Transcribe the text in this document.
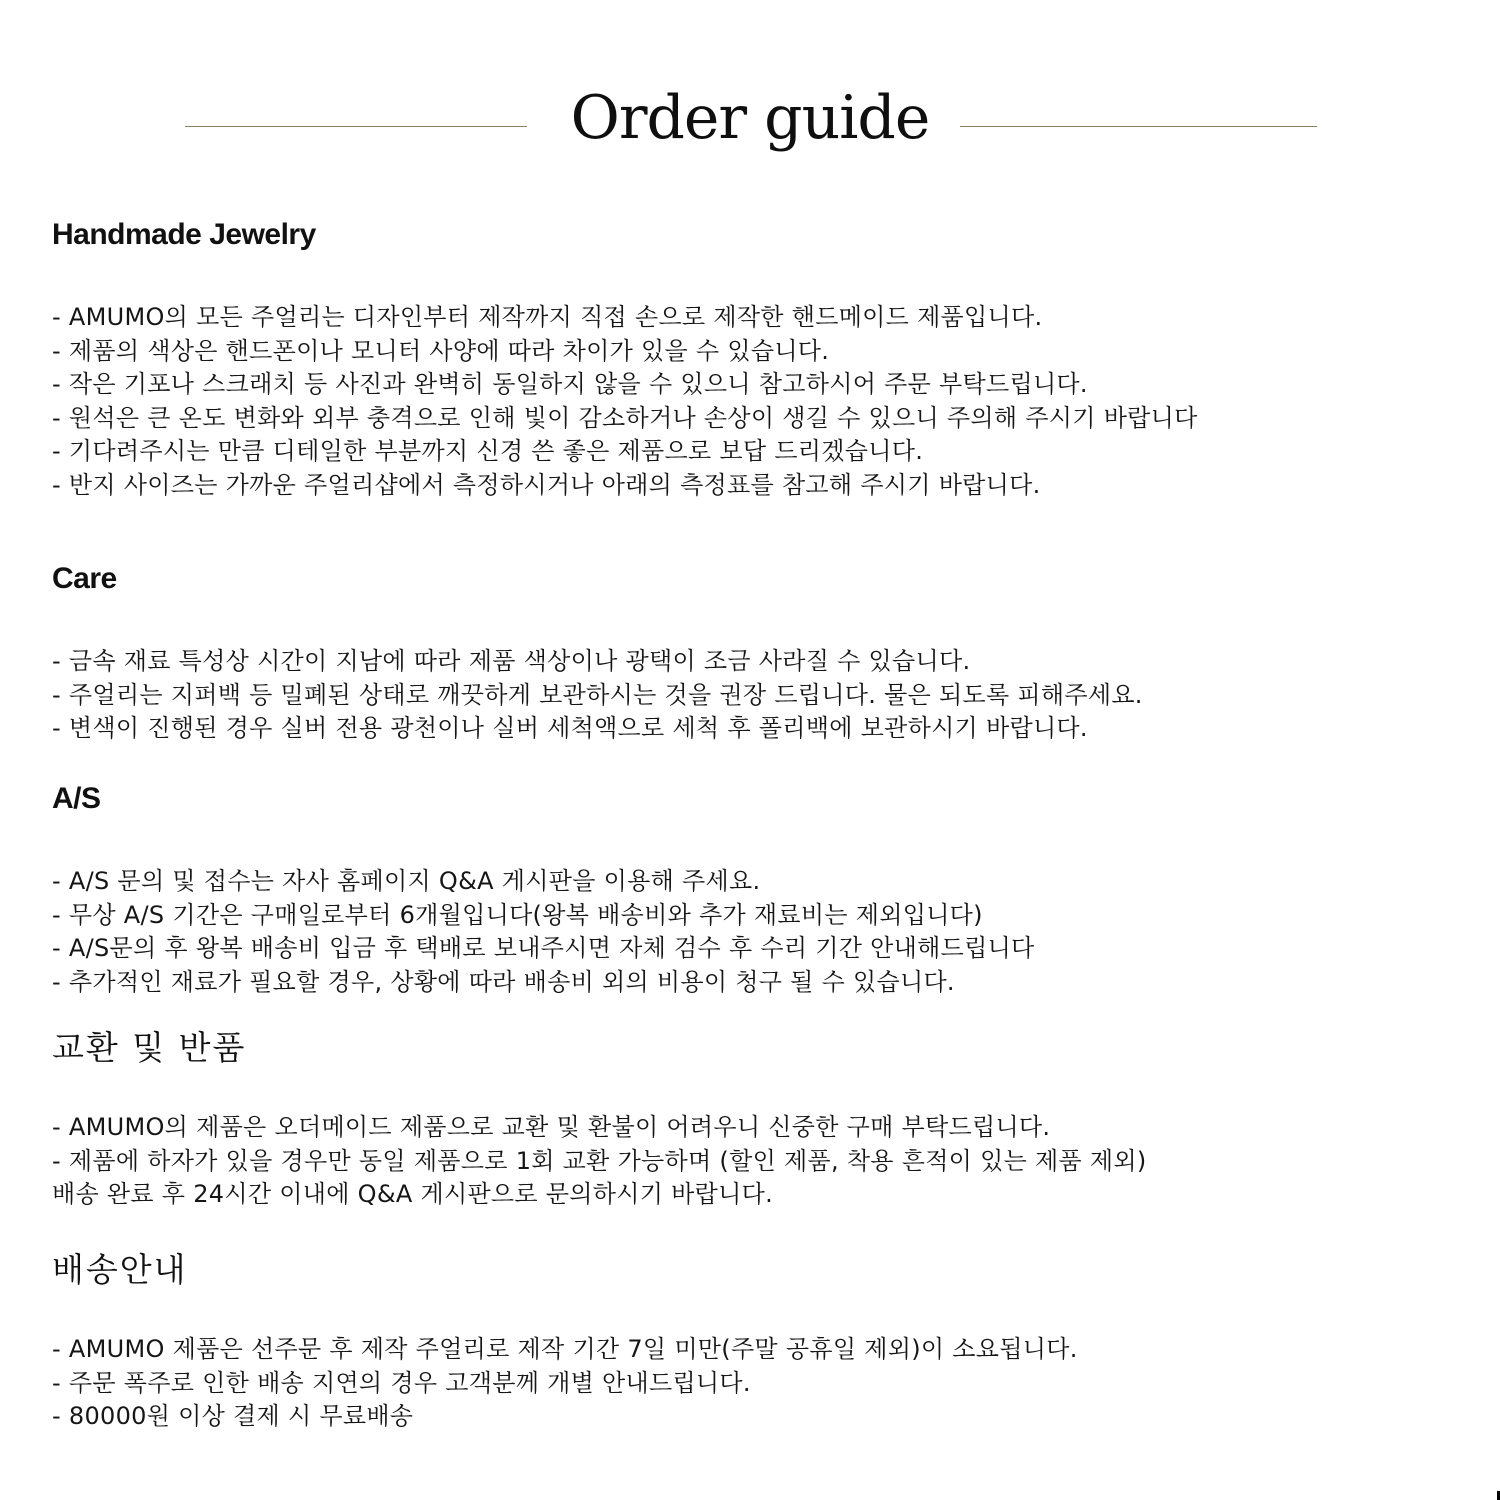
Order guide
Handmade Jewelry
- AMUMO의 모든 주얼리는 디자인부터 제작까지 직접 손으로 제작한 핸드메이드 제품입니다.
- 제품의 색상은 핸드폰이나 모니터 사양에 따라 차이가 있을 수 있습니다.
- 작은 기포나 스크래치 등 사진과 완벽히 동일하지 않을 수 있으니 참고하시어 주문 부탁드립니다.
- 원석은 큰 온도 변화와 외부 충격으로 인해 빛이 감소하거나 손상이 생길 수 있으니 주의해 주시기 바랍니다
- 기다려주시는 만큼 디테일한 부분까지 신경 쓴 좋은 제품으로 보답 드리겠습니다.
- 반지 사이즈는 가까운 주얼리샵에서 측정하시거나 아래의 측정표를 참고해 주시기 바랍니다.
Care
- 금속 재료 특성상 시간이 지남에 따라 제품 색상이나 광택이 조금 사라질 수 있습니다.
- 주얼리는 지퍼백 등 밀폐된 상태로 깨끗하게 보관하시는 것을 권장 드립니다. 물은 되도록 피해주세요.
- 변색이 진행된 경우 실버 전용 광천이나 실버 세척액으로 세척 후 폴리백에 보관하시기 바랍니다.
A/S
- A/S 문의 및 접수는 자사 홈페이지 Q&A 게시판을 이용해 주세요.
- 무상 A/S 기간은 구매일로부터 6개월입니다(왕복 배송비와 추가 재료비는 제외입니다)
- A/S문의 후 왕복 배송비 입금 후 택배로 보내주시면 자체 검수 후 수리 기간 안내해드립니다
- 추가적인 재료가 필요할 경우, 상황에 따라 배송비 외의 비용이 청구 될 수 있습니다.
교환 및 반품
- AMUMO의 제품은 오더메이드 제품으로 교환 및 환불이 어려우니 신중한 구매 부탁드립니다.
- 제품에 하자가 있을 경우만 동일 제품으로 1회 교환 가능하며 (할인 제품, 착용 흔적이 있는 제품 제외)
배송 완료 후 24시간 이내에 Q&A 게시판으로 문의하시기 바랍니다.
배송안내
- AMUMO 제품은 선주문 후 제작 주얼리로 제작 기간 7일 미만(주말 공휴일 제외)이 소요됩니다.
- 주문 폭주로 인한 배송 지연의 경우 고객분께 개별 안내드립니다.
- 80000원 이상 결제 시 무료배송
